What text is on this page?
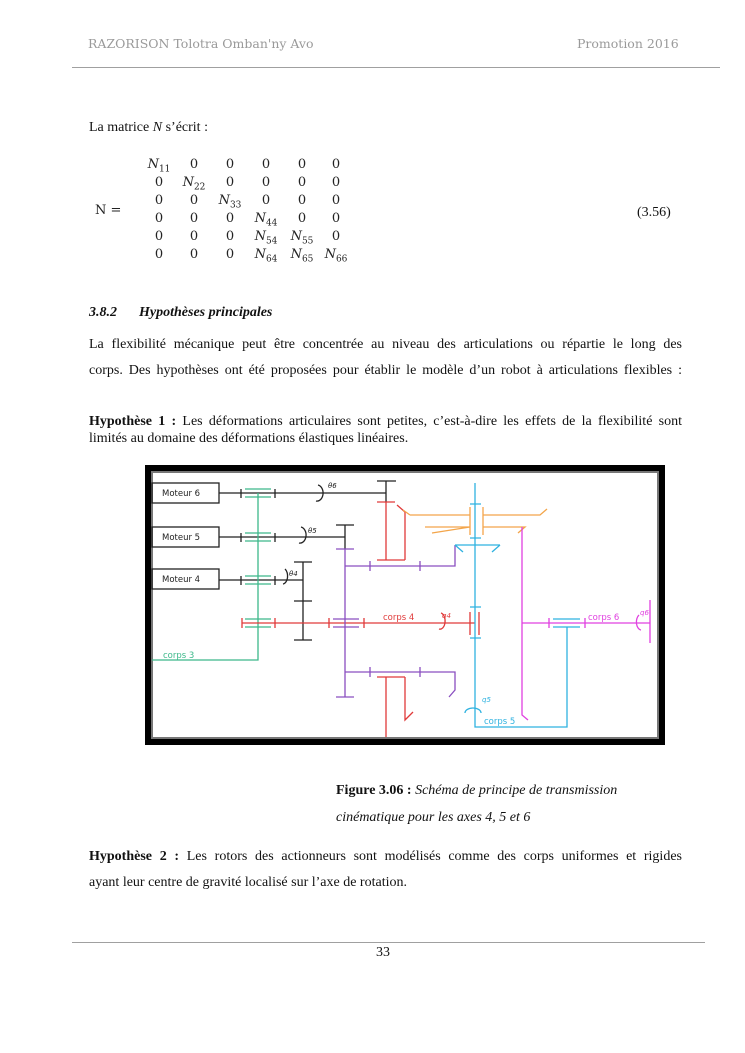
RAZORISON Tolotra Omban'ny Avo	Promotion 2016
La matrice N s’écrit :
N =
$N_{11}$	0	0	0	0	0
0	$N_{22}$	0	0	0	0
0	0	$N_{33}$	0	0	0
0	0	0	$N_{44}$	0	0
0	0	0	$N_{54}$	$N_{55}$	0
0	0	0	$N_{64}$	$N_{65}$ $N_{66}$
(3.56)
3.8.2 Hypothèses principales
La flexibilité mécanique peut être concentrée au niveau des articulations ou répartie le long des
corps. Des hypothèses ont été proposées pour établir le modèle d’un robot à articulations flexibles :
Hypothèse 1 : Les déformations articulaires sont petites, c’est-à-dire les effets de la flexibilité sont
limités au domaine des déformations élastiques linéaires.
Moteur 6
Moteur 5
Moteur 4
corps 3
corps 4
corps 5
corps 6
θ6
θ5
θ4
q4
q5
q6
Figure 3.06 : Schéma de principe de transmission
cinématique pour les axes 4, 5 et 6
Hypothèse 2 : Les rotors des actionneurs sont modélisés comme des corps uniformes et rigides
ayant leur centre de gravité localisé sur l’axe de rotation.
33
